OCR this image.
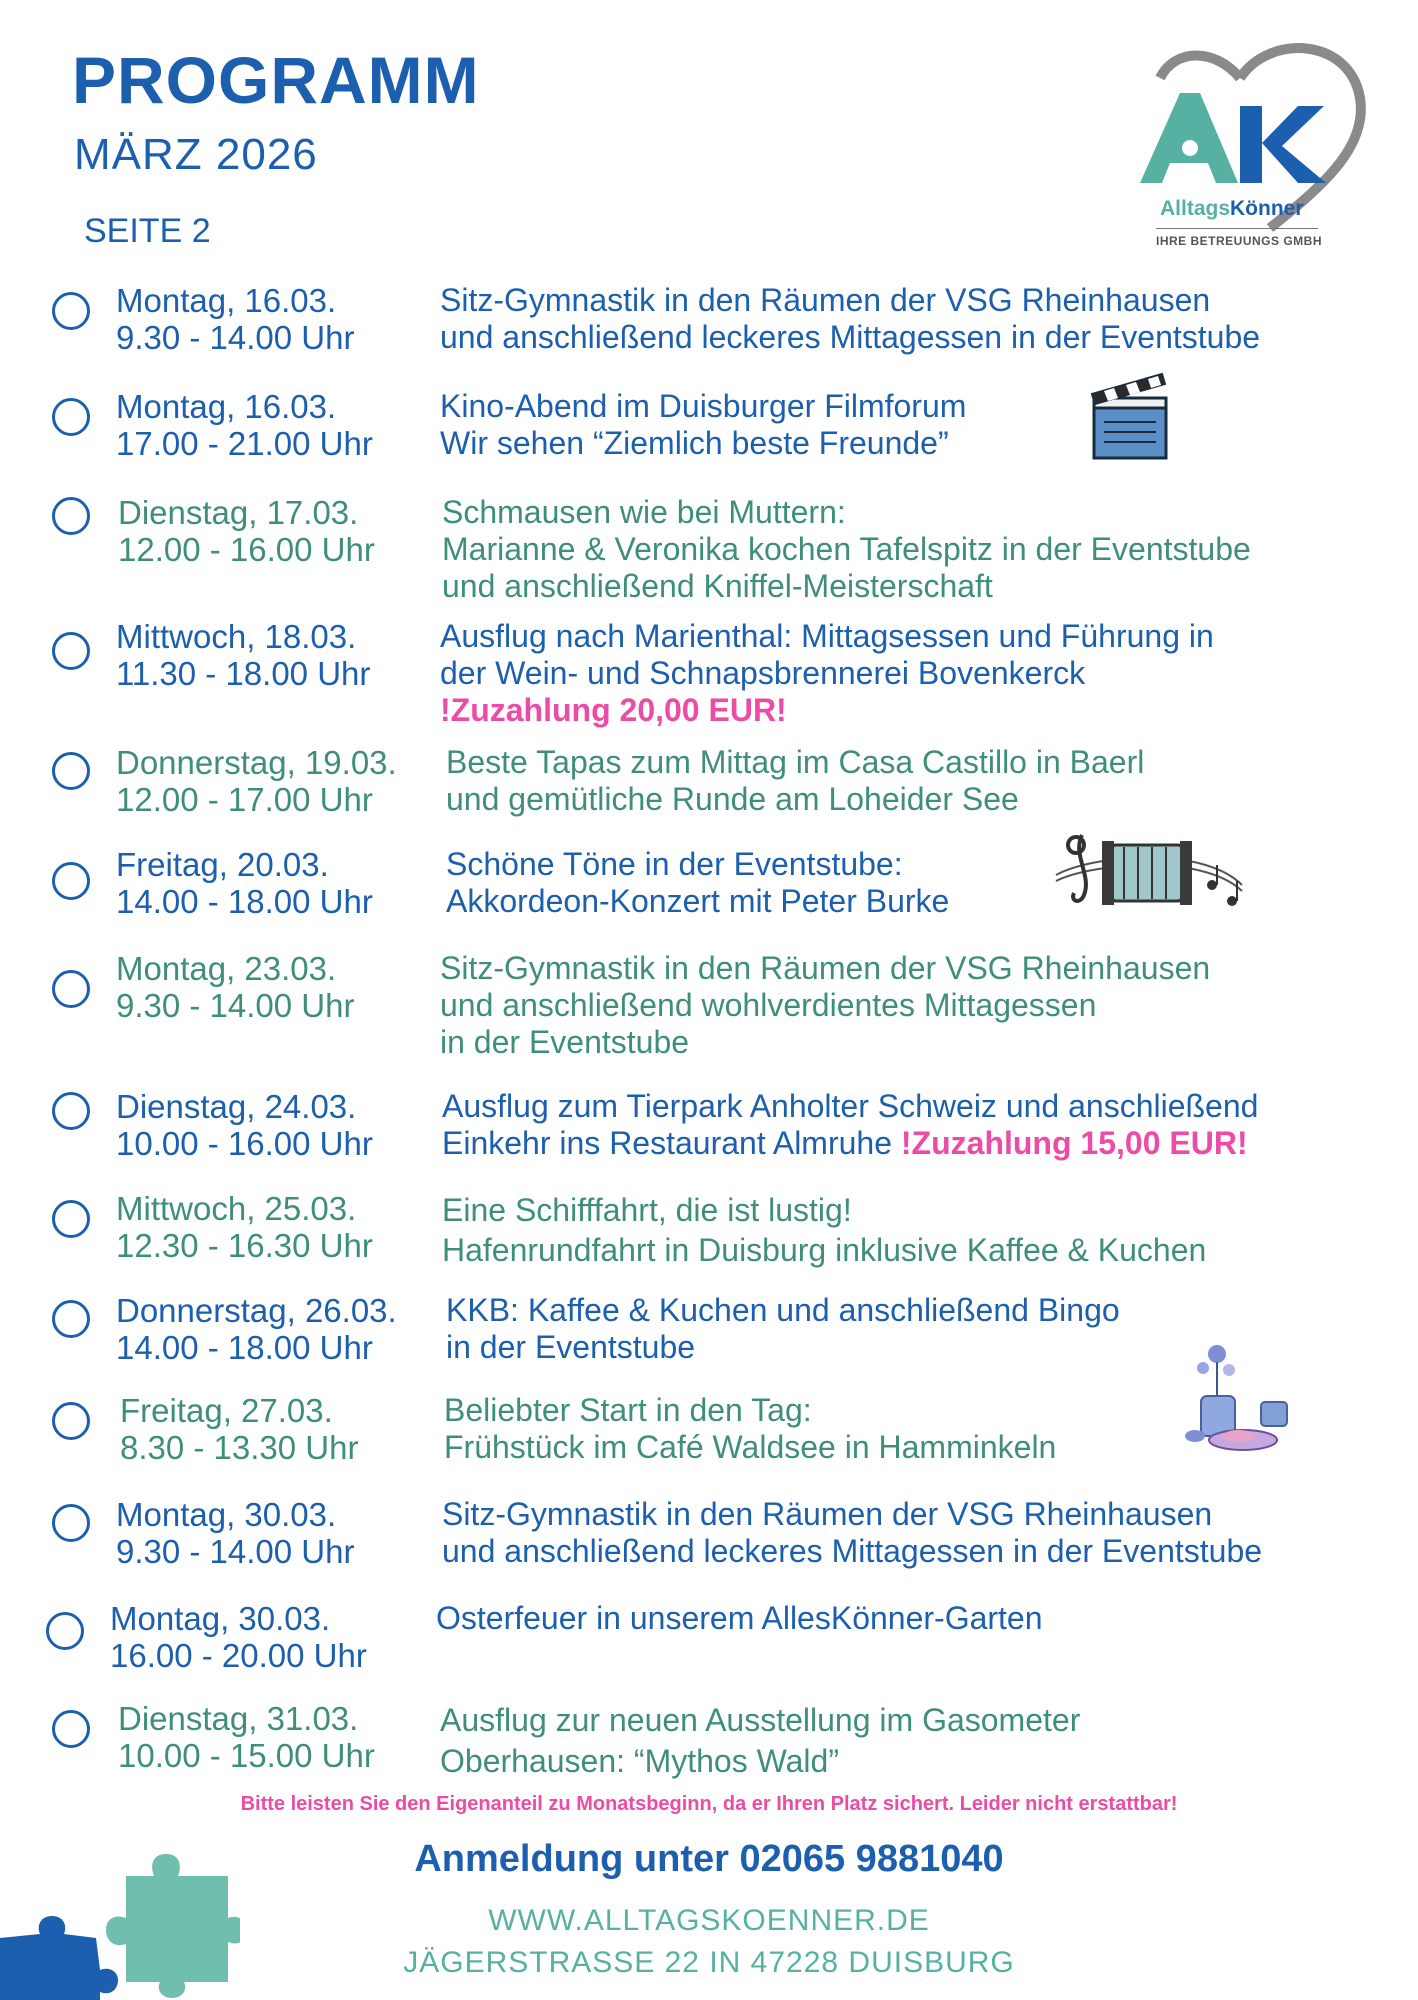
PROGRAMM
MÄRZ 2026
SEITE 2
AlltagsKönner
IHRE BETREUUNGS GMBH
Montag, 16.03.
9.30 - 14.00 Uhr
Sitz-Gymnastik in den Räumen der VSG Rheinhausen
und anschließend leckeres Mittagessen in der Eventstube
Montag, 16.03.
17.00 - 21.00 Uhr
Kino-Abend im Duisburger Filmforum
Wir sehen “Ziemlich beste Freunde”
Dienstag, 17.03.
12.00 - 16.00 Uhr
Schmausen wie bei Muttern:
Marianne & Veronika kochen Tafelspitz in der Eventstube
und anschließend Kniffel-Meisterschaft
Mittwoch, 18.03.
11.30 - 18.00 Uhr
Ausflug nach Marienthal: Mittagsessen und Führung in
der Wein- und Schnapsbrennerei Bovenkerck
!Zuzahlung 20,00 EUR!
Donnerstag, 19.03.
12.00 - 17.00 Uhr
Beste Tapas zum Mittag im Casa Castillo in Baerl
und gemütliche Runde am Loheider See
Freitag, 20.03.
14.00 - 18.00 Uhr
Schöne Töne in der Eventstube:
Akkordeon-Konzert mit Peter Burke
Montag, 23.03.
9.30 - 14.00 Uhr
Sitz-Gymnastik in den Räumen der VSG Rheinhausen
und anschließend wohlverdientes Mittagessen
in der Eventstube
Dienstag, 24.03.
10.00 - 16.00 Uhr
Ausflug zum Tierpark Anholter Schweiz und anschließend
Einkehr ins Restaurant Almruhe !Zuzahlung 15,00 EUR!
Mittwoch, 25.03.
12.30 - 16.30 Uhr
Eine Schifffahrt, die ist lustig!
Hafenrundfahrt in Duisburg inklusive Kaffee & Kuchen
Donnerstag, 26.03.
14.00 - 18.00 Uhr
KKB: Kaffee & Kuchen und anschließend Bingo
in der Eventstube
Freitag, 27.03.
8.30 - 13.30 Uhr
Beliebter Start in den Tag:
Frühstück im Café Waldsee in Hamminkeln
Montag, 30.03.
9.30 - 14.00 Uhr
Sitz-Gymnastik in den Räumen der VSG Rheinhausen
und anschließend leckeres Mittagessen in der Eventstube
Montag, 30.03.
16.00 - 20.00 Uhr
Osterfeuer in unserem AllesKönner-Garten
Dienstag, 31.03.
10.00 - 15.00 Uhr
Ausflug zur neuen Ausstellung im Gasometer
Oberhausen: “Mythos Wald”
Bitte leisten Sie den Eigenanteil zu Monatsbeginn, da er Ihren Platz sichert. Leider nicht erstattbar!
Anmeldung unter 02065 9881040
WWW.ALLTAGSKOENNER.DE
JÄGERSTRASSE 22 IN 47228 DUISBURG
